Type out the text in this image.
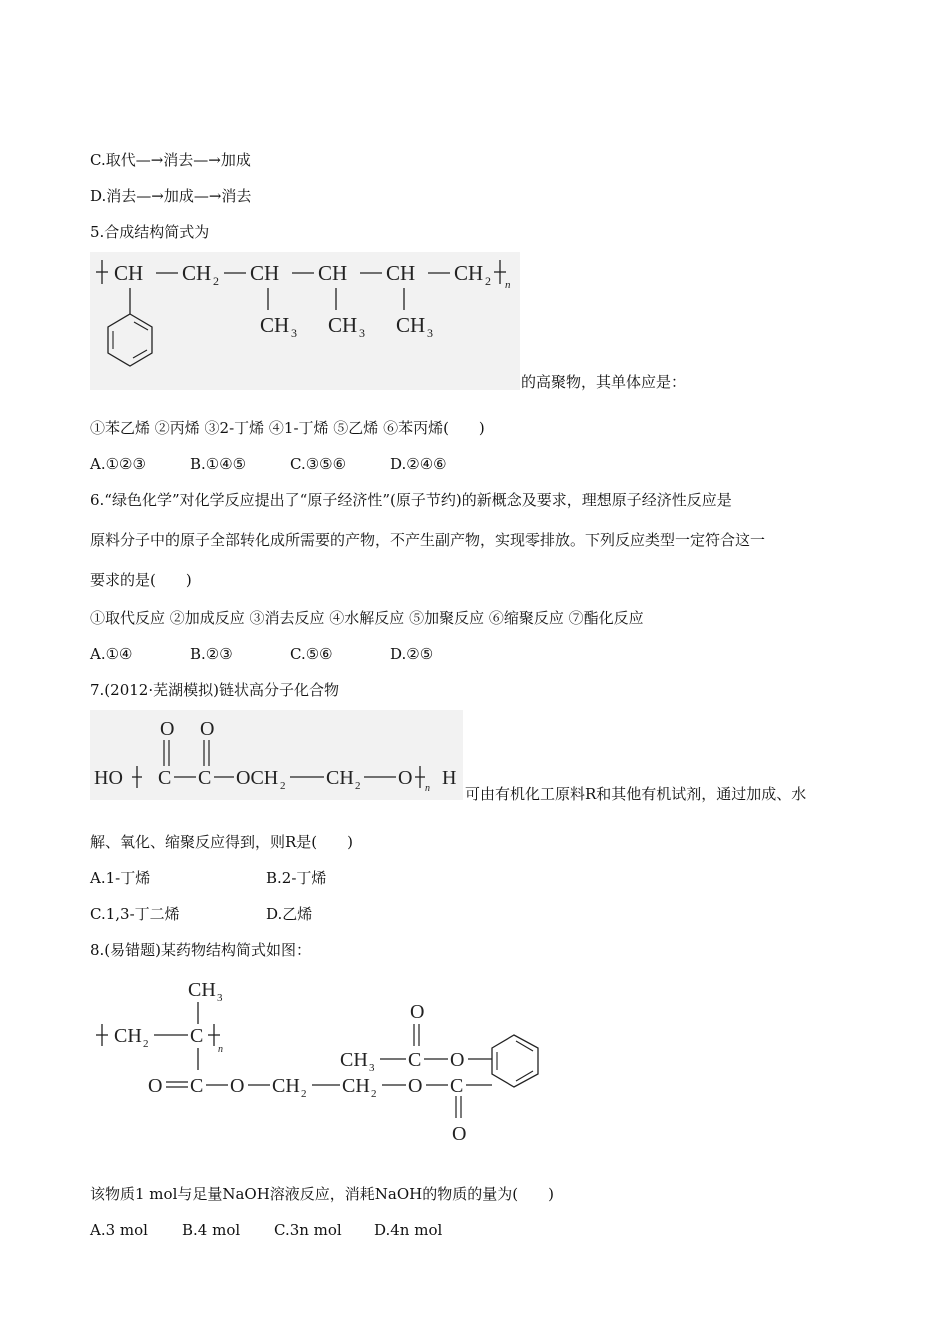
C.取代—→消去—→加成
D.消去—→加成—→消去
5.合成结构简式为
CH CH 2 CH CH CH CH 2 n
CH 3 CH 3 CH 3
的高聚物，其单体应是：
①苯乙烯 ②丙烯 ③2-丁烯 ④1-丁烯 ⑤乙烯 ⑥苯丙烯(　　)
A.①②③	B.①④⑤	C.③⑤⑥	D.②④⑥
6.“绿色化学”对化学反应提出了“原子经济性”(原子节约)的新概念及要求，理想原子经济性反应是
原料分子中的原子全部转化成所需要的产物，不产生副产物，实现零排放。下列反应类型一定符合这一
要求的是(　　)
①取代反应 ②加成反应 ③消去反应 ④水解反应 ⑤加聚反应 ⑥缩聚反应 ⑦酯化反应
A.①④	B.②③	C.⑤⑥	D.②⑤
7.(2012·芜湖模拟)链状高分子化合物
O O
HO C C OCH 2 CH 2 O n H
可由有机化工原料R和其他有机试剂，通过加成、水
解、氧化、缩聚反应得到，则R是(　　)
A.1-丁烯	B.2-丁烯
C.1,3-丁二烯	D.乙烯
8.(易错题)某药物结构简式如图：
CH 3
CH 2 C
n
O C O CH 2 CH 2 O C
O
CH 3 C
O
O
该物质1 mol与足量NaOH溶液反应，消耗NaOH的物质的量为(　　)
A.3 mol B.4 mol C.3n mol D.4n mol
